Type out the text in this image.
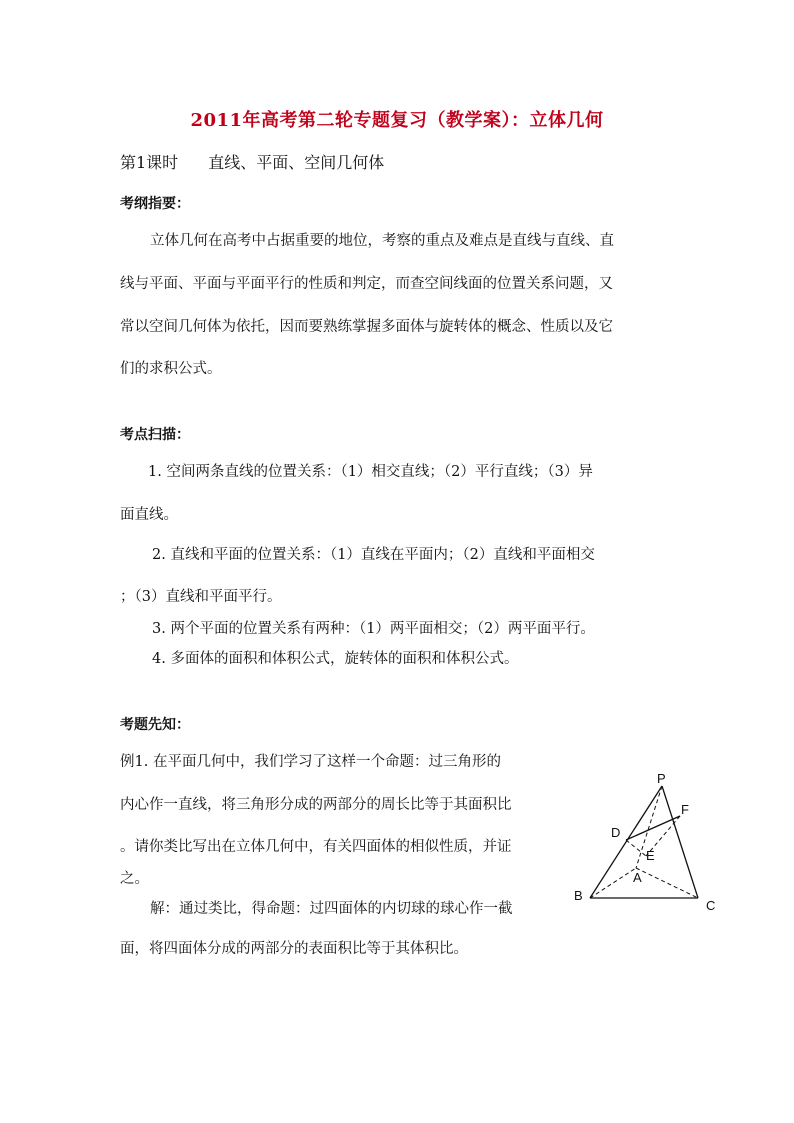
2011年高考第二轮专题复习（教学案）：立体几何
第1课时 直线、平面、空间几何体
考纲指要：
立体几何在高考中占据重要的地位，考察的重点及难点是直线与直线、直
线与平面、平面与平面平行的性质和判定，而查空间线面的位置关系问题，又
常以空间几何体为依托，因而要熟练掌握多面体与旋转体的概念、性质以及它
们的求积公式。
考点扫描：
1. 空间两条直线的位置关系：（1）相交直线；（2）平行直线；（3）异
面直线。
2. 直线和平面的位置关系：（1）直线在平面内；（2）直线和平面相交
；（3）直线和平面平行。
3. 两个平面的位置关系有两种：（1）两平面相交；（2）两平面平行。
4. 多面体的面积和体积公式，旋转体的面积和体积公式。
考题先知：
例1. 在平面几何中，我们学习了这样一个命题：过三角形的
内心作一直线，将三角形分成的两部分的周长比等于其面积比
。请你类比写出在立体几何中，有关四面体的相似性质，并证
之。
解：通过类比，得命题：过四面体的内切球的球心作一截
面，将四面体分成的两部分的表面积比等于其体积比。
P
F
D
E
A
B
C
